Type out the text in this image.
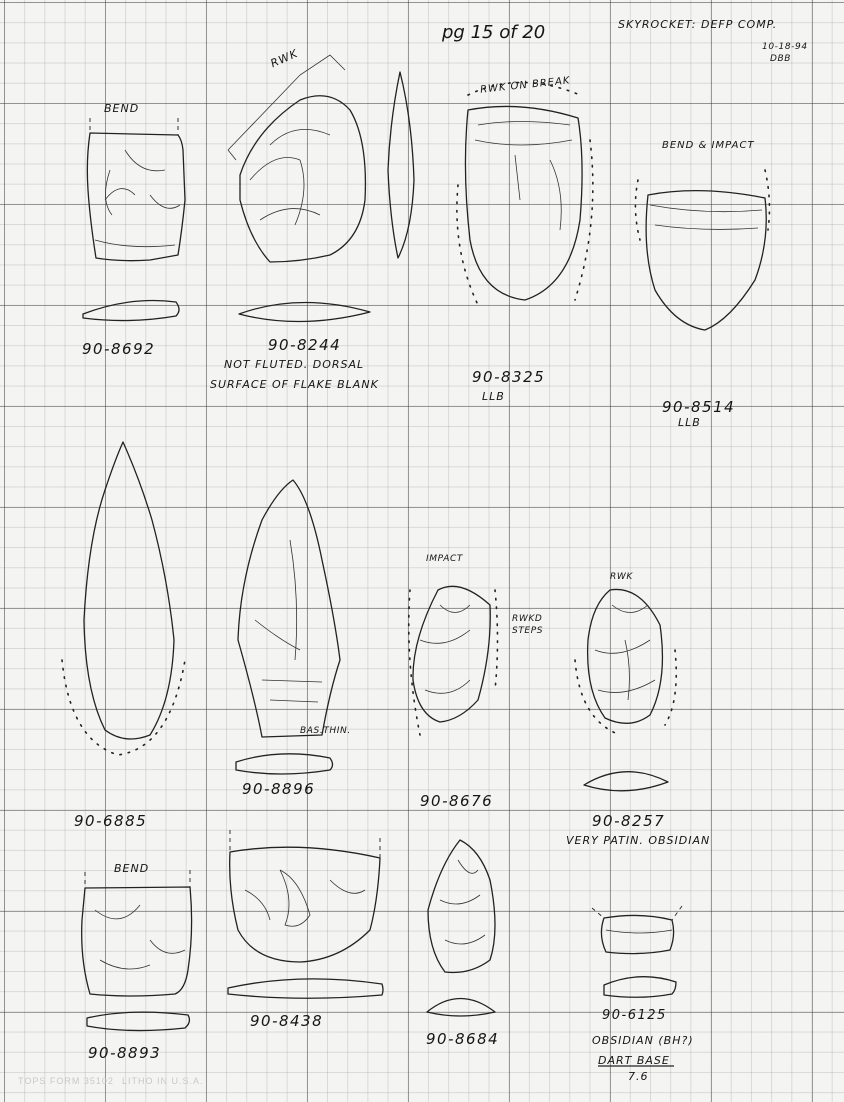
pg 15 of 20	SKYROCKET: DEFP COMP.
10-18-94
DBB
BEND
90-8692
RWK
90-8244
NOT FLUTED. DORSAL
SURFACE OF FLAKE BLANK
RWK ON BREAK
90-8325
LLB
BEND & IMPACT
90-8514
LLB
90-6885
BAS.THIN.
90-8896
IMPACT
RWKD
STEPS
90-8676
RWK
90-8257
VERY PATIN. OBSIDIAN
BEND
90-8893
90-8438
90-8684
90-6125
OBSIDIAN (BH?)
DART BASE
7.6
TOPS FORM 35102 LITHO IN U.S.A.
